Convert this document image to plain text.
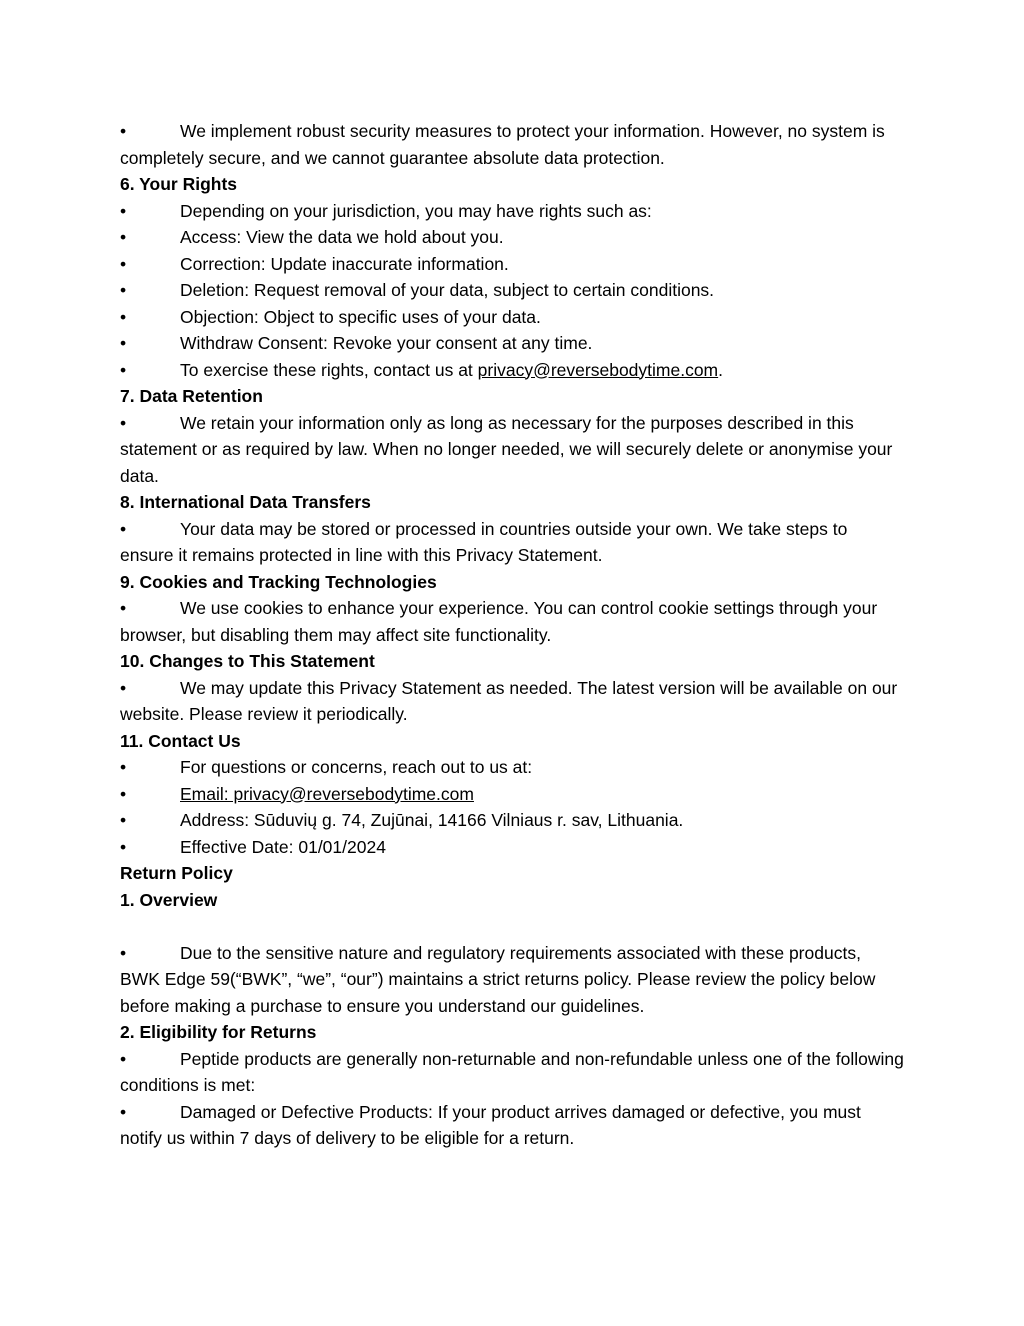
•	We implement robust security measures to protect your information. However, no system is completely secure, and we cannot guarantee absolute data protection.

6. Your Rights

•	Depending on your jurisdiction, you may have rights such as:

•	Access: View the data we hold about you.

•	Correction: Update inaccurate information.

•	Deletion: Request removal of your data, subject to certain conditions.

•	Objection: Object to specific uses of your data.

•	Withdraw Consent: Revoke your consent at any time.

•	To exercise these rights, contact us at privacy@reversebodytime.com.

7. Data Retention

•	We retain your information only as long as necessary for the purposes described in this statement or as required by law. When no longer needed, we will securely delete or anonymise your data.

8. International Data Transfers

•	Your data may be stored or processed in countries outside your own. We take steps to ensure it remains protected in line with this Privacy Statement.

9. Cookies and Tracking Technologies

•	We use cookies to enhance your experience. You can control cookie settings through your browser, but disabling them may affect site functionality.

10. Changes to This Statement

•	We may update this Privacy Statement as needed. The latest version will be available on our website. Please review it periodically.

11. Contact Us

•	For questions or concerns, reach out to us at:

•	Email: privacy@reversebodytime.com

•	Address: Sūduvių g. 74, Zujūnai, 14166 Vilniaus r. sav, Lithuania.

•	Effective Date: 01/01/2024

Return Policy

1. Overview

•	Due to the sensitive nature and regulatory requirements associated with these products, BWK Edge 59(“BWK”, “we”, “our”) maintains a strict returns policy. Please review the policy below before making a purchase to ensure you understand our guidelines.

2. Eligibility for Returns

•	Peptide products are generally non-returnable and non-refundable unless one of the following conditions is met:

•	Damaged or Defective Products: If your product arrives damaged or defective, you must notify us within 7 days of delivery to be eligible for a return.
